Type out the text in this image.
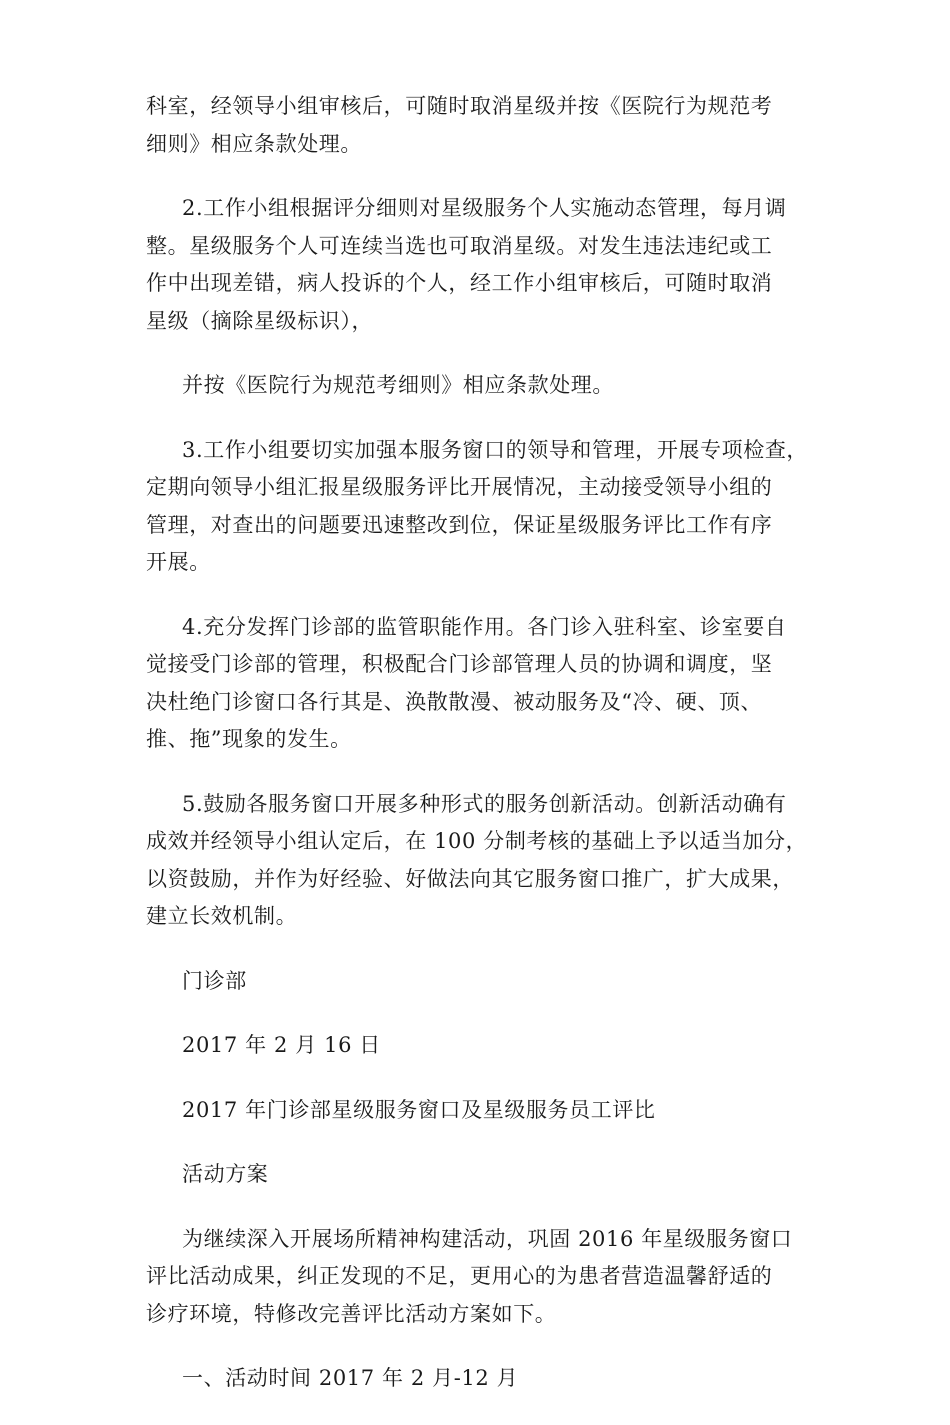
科室，经领导小组审核后，可随时取消星级并按《医院行为规范考
细则》相应条款处理。

2.工作小组根据评分细则对星级服务个人实施动态管理，每月调
整。星级服务个人可连续当选也可取消星级。对发生违法违纪或工
作中出现差错，病人投诉的个人，经工作小组审核后，可随时取消
星级（摘除星级标识），

并按《医院行为规范考细则》相应条款处理。

3.工作小组要切实加强本服务窗口的领导和管理，开展专项检查，
定期向领导小组汇报星级服务评比开展情况，主动接受领导小组的
管理，对查出的问题要迅速整改到位，保证星级服务评比工作有序
开展。

4.充分发挥门诊部的监管职能作用。各门诊入驻科室、诊室要自
觉接受门诊部的管理，积极配合门诊部管理人员的协调和调度，坚
决杜绝门诊窗口各行其是、涣散散漫、被动服务及“冷、硬、顶、
推、拖”现象的发生。

5.鼓励各服务窗口开展多种形式的服务创新活动。创新活动确有
成效并经领导小组认定后，在 100 分制考核的基础上予以适当加分，
以资鼓励，并作为好经验、好做法向其它服务窗口推广，扩大成果，
建立长效机制。

门诊部

2017 年 2 月 16 日

2017 年门诊部星级服务窗口及星级服务员工评比

活动方案

为继续深入开展场所精神构建活动，巩固 2016 年星级服务窗口
评比活动成果，纠正发现的不足，更用心的为患者营造温馨舒适的
诊疗环境，特修改完善评比活动方案如下。

一、活动时间 2017 年 2 月-12 月
